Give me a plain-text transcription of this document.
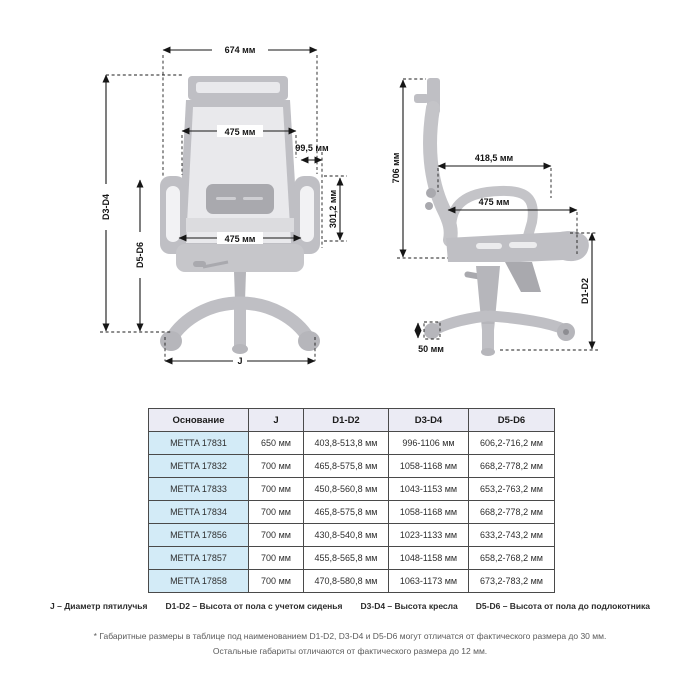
674 мм
D3-D4
D5-D6
475 мм
99,5 мм
301,2 мм
475 мм
J
706 мм	418,5 мм
475 мм
D1-D2
50 мм
Основание	J	D1-D2	D3-D4	D5-D6
METTA 17831	650 мм	403,8-513,8 мм	996-1106 мм	606,2-716,2 мм
METTA 17832	700 мм	465,8-575,8 мм	1058-1168 мм	668,2-778,2 мм
METTA 17833	700 мм	450,8-560,8 мм	1043-1153 мм	653,2-763,2 мм
METTA 17834	700 мм	465,8-575,8 мм	1058-1168 мм	668,2-778,2 мм
METTA 17856	700 мм	430,8-540,8 мм	1023-1133 мм	633,2-743,2 мм
METTA 17857	700 мм	455,8-565,8 мм	1048-1158 мм	658,2-768,2 мм
METTA 17858	700 мм	470,8-580,8 мм	1063-1173 мм	673,2-783,2 мм
J – Диаметр пятилучья D1-D2 – Высота от пола с учетом сиденья D3-D4 – Высота кресла D5-D6 – Высота от пола до подлокотника
* Габаритные размеры в таблице под наименованием D1-D2, D3-D4 и D5-D6 могут отличатся от фактического размера до 30 мм.
Остальные габариты отличаются от фактического размера до 12 мм.
